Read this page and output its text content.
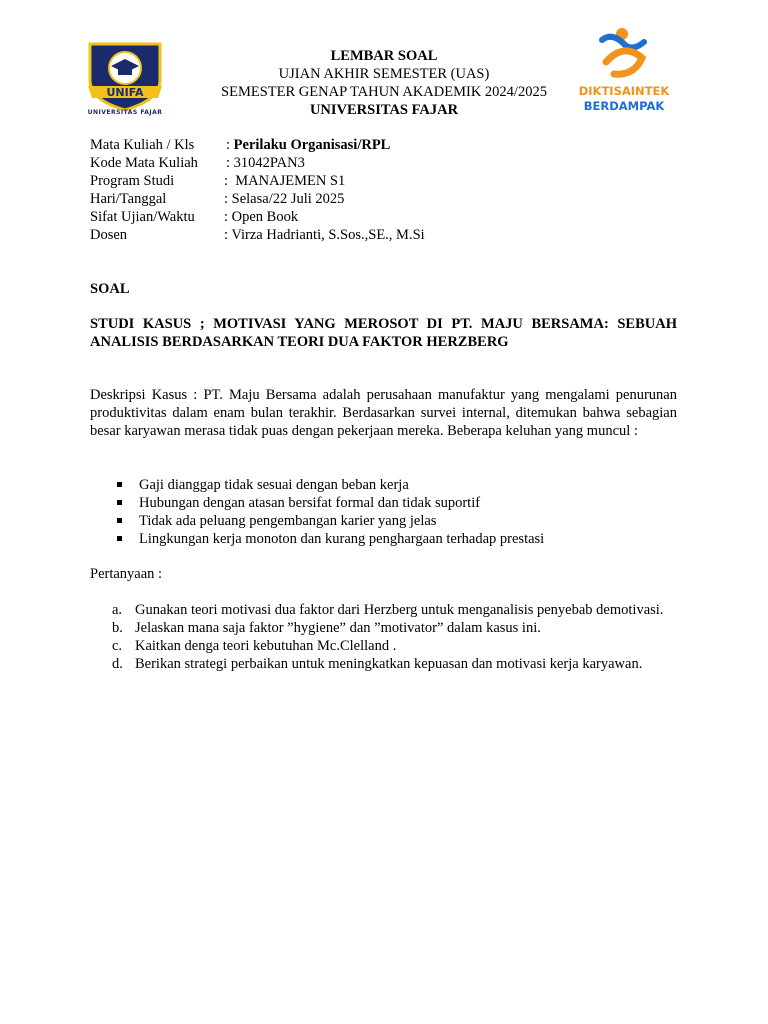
UNIFA
UNIVERSITAS FAJAR
LEMBAR SOAL
UJIAN AKHIR SEMESTER (UAS)
SEMESTER GENAP TAHUN AKADEMIK 2024/2025
UNIVERSITAS FAJAR
DIKTISAINTEK
BERDAMPAK
Mata Kuliah / Kls : Perilaku Organisasi/RPL
Kode Mata Kuliah : 31042PAN3
Program Studi	:  MANAJEMEN S1
Hari/Tanggal	: Selasa/22 Juli 2025
Sifat Ujian/Waktu : Open Book
Dosen	: Virza Hadrianti, S.Sos.,SE., M.Si
SOAL
STUDI KASUS ; MOTIVASI YANG MEROSOT DI PT. MAJU BERSAMA: SEBUAH ANALISIS BERDASARKAN TEORI DUA FAKTOR HERZBERG
Deskripsi Kasus : PT. Maju Bersama adalah perusahaan manufaktur yang mengalami penurunan produktivitas dalam enam bulan terakhir. Berdasarkan survei internal, ditemukan bahwa sebagian besar karyawan merasa tidak puas dengan pekerjaan mereka. Beberapa keluhan yang muncul :
Gaji dianggap tidak sesuai dengan beban kerja
Hubungan dengan atasan bersifat formal dan tidak suportif
Tidak ada peluang pengembangan karier yang jelas
Lingkungan kerja monoton dan kurang penghargaan terhadap prestasi
Pertanyaan :
a. Gunakan teori motivasi dua faktor dari Herzberg untuk menganalisis penyebab demotivasi.
b. Jelaskan mana saja faktor ”hygiene” dan ”motivator” dalam kasus ini.
c. Kaitkan denga teori kebutuhan Mc.Clelland .
d. Berikan strategi perbaikan untuk meningkatkan kepuasan dan motivasi kerja karyawan.
